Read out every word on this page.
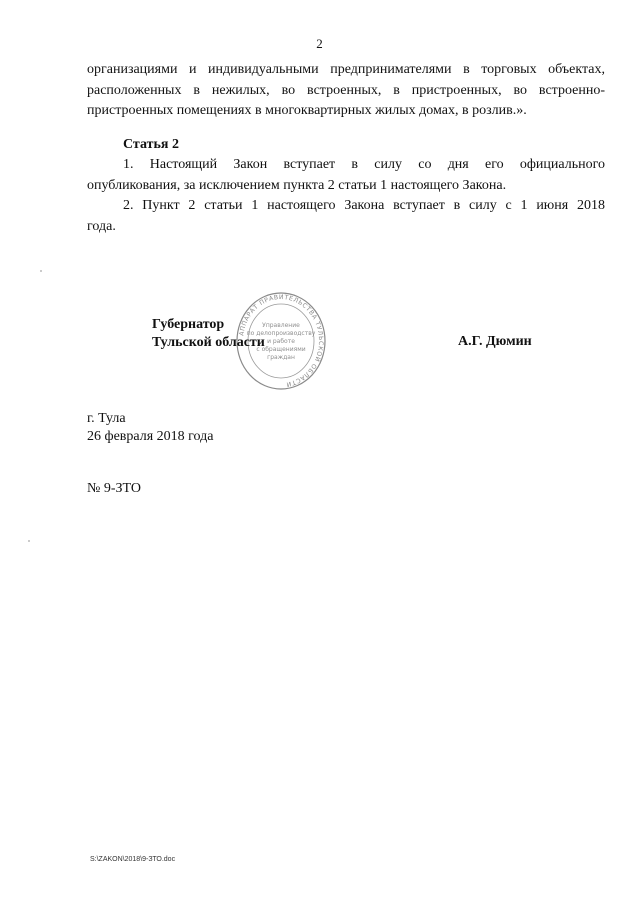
2
организациями и индивидуальными предпринимателями в торговых объектах,
расположенных в нежилых, во встроенных, в пристроенных, во встроенно-
пристроенных помещениях в многоквартирных жилых домах, в розлив.».
Статья 2
1. Настоящий Закон вступает в силу со дня его официального
опубликования, за исключением пункта 2 статьи 1 настоящего Закона.
2. Пункт 2 статьи 1 настоящего Закона вступает в силу с 1 июня 2018
года.
АППАРАТ ПРАВИТЕЛЬСТВА ТУЛЬСКОЙ ОБЛАСТИ
Управление
по делопроизводству
и работе
с обращениями
граждан
Губернатор
Тульской области	А.Г. Дюмин
г. Тула
26 февраля 2018 года
№ 9-ЗТО
S:\ZAKON\2018\9-ЗТО.doc
